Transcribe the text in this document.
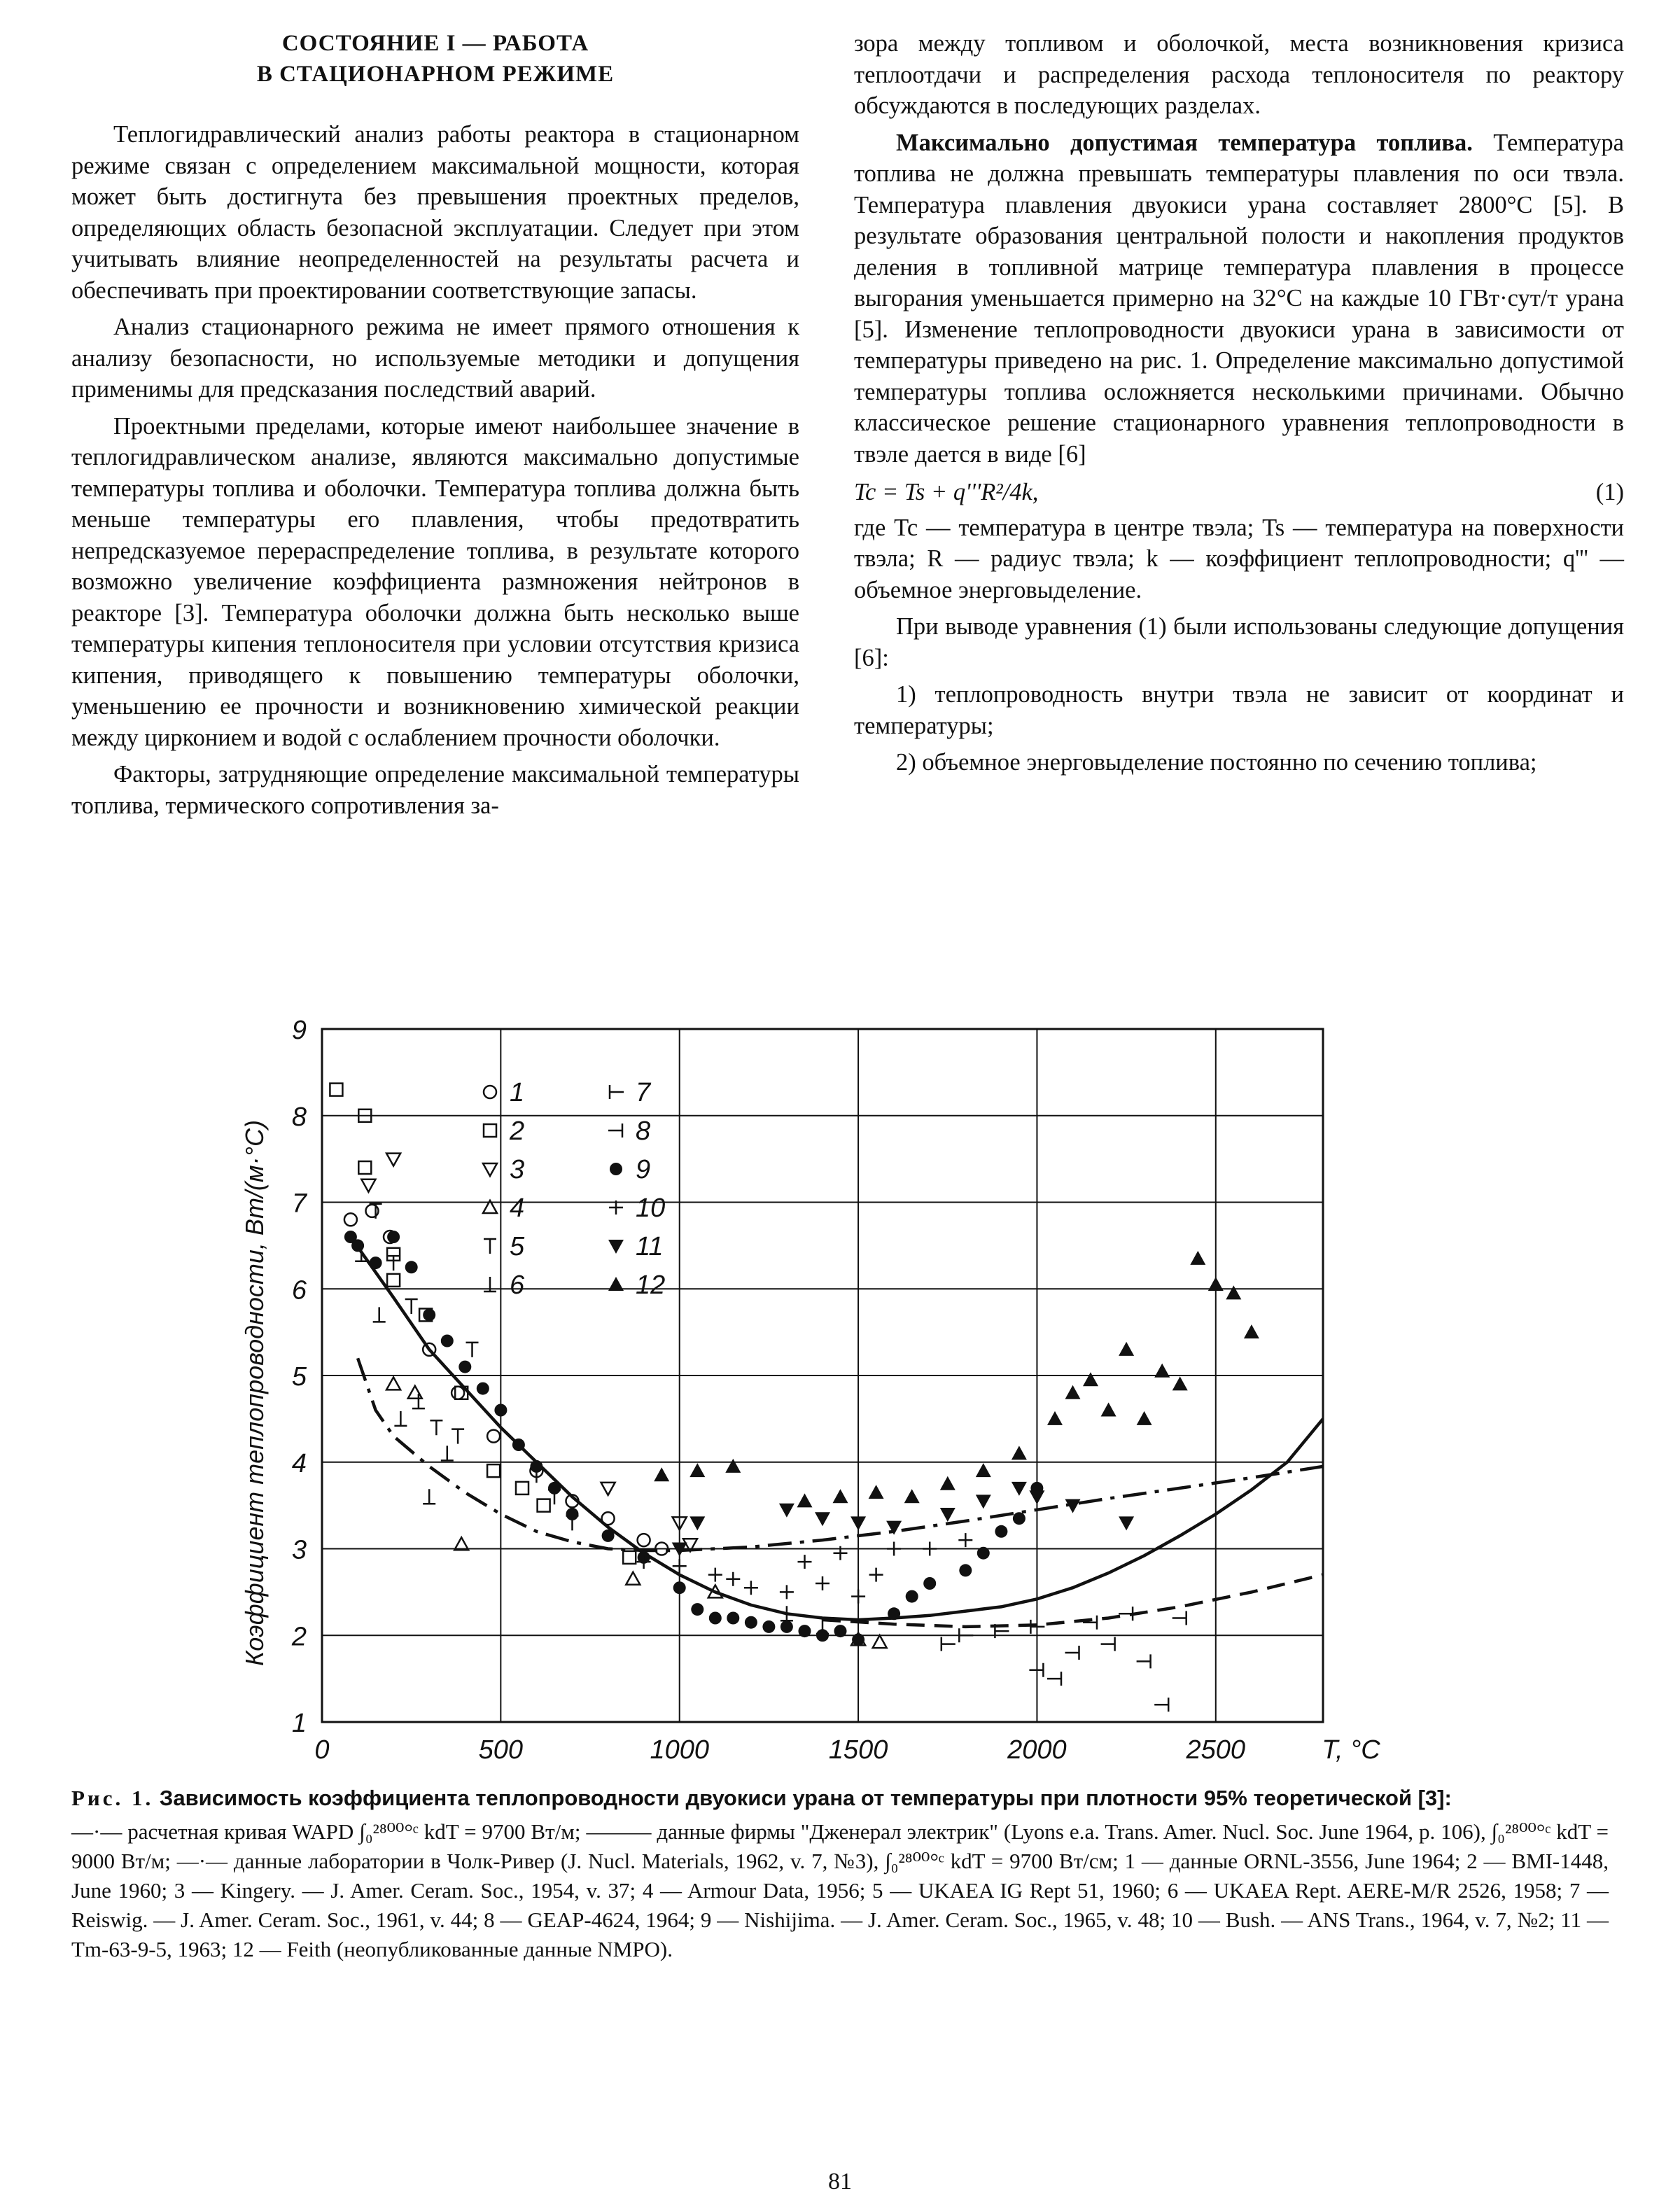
СОСТОЯНИЕ I — РАБОТА
В СТАЦИОНАРНОМ РЕЖИМЕ

Теплогидравлический анализ работы реактора в стационарном режиме связан с определением максимальной мощности, которая может быть достигнута без превышения проектных пределов, определяющих область безопасной эксплуатации. Следует при этом учитывать влияние неопределенностей на результаты расчета и обеспечивать при проектировании соответствующие запасы.

Анализ стационарного режима не имеет прямого отношения к анализу безопасности, но используемые методики и допущения применимы для предсказания последствий аварий.

Проектными пределами, которые имеют наибольшее значение в теплогидравлическом анализе, являются максимально допустимые температуры топлива и оболочки. Температура топлива должна быть меньше температуры его плавления, чтобы предотвратить непредсказуемое перераспределение топлива, в результате которого возможно увеличение коэффициента размножения нейтронов в реакторе [3]. Температура оболочки должна быть несколько выше температуры кипения теплоносителя при условии отсутствия кризиса кипения, приводящего к повышению температуры оболочки, уменьшению ее прочности и возникновению химической реакции между цирконием и водой с ослаблением прочности оболочки.

Факторы, затрудняющие определение максимальной температуры топлива, термического сопротивления за-

зора между топливом и оболочкой, места возникновения кризиса теплоотдачи и распределения расхода теплоносителя по реактору обсуждаются в последующих разделах.

Максимально допустимая температура топлива. Температура топлива не должна превышать температуры плавления по оси твэла. Температура плавления двуокиси урана составляет 2800°С [5]. В результате образования центральной полости и накопления продуктов деления в топливной матрице температура плавления в процессе выгорания уменьшается примерно на 32°С на каждые 10 ГВт·сут/т урана [5]. Изменение теплопроводности двуокиси урана в зависимости от температуры приведено на рис. 1. Определение максимально допустимой температуры топлива осложняется несколькими причинами. Обычно классическое решение стационарного уравнения теплопроводности в твэле дается в виде [6]

Tc = Ts + q'''R²/4k,	(1)

где Tc — температура в центре твэла; Ts — температура на поверхности твэла; R — радиус твэла; k — коэффициент теплопроводности; q''' — объемное энерговыделение.

При выводе уравнения (1) были использованы следующие допущения [6]:

1) теплопроводность внутри твэла не зависит от координат и температуры;

2) объемное энерговыделение постоянно по сечению топлива;

0	500	1000	1500	2000	2500	T, °С
1
2
3
4
5
6
7
8
9
1
2
3
4
5
6
7
8
9
10
11
12
Коэффициент теплопроводности, Вт/(м·°С)
Рис. 1. Зависимость коэффициента теплопроводности двуокиси урана от температуры при плотности 95% теоретической [3]:
—·— расчетная кривая WAPD ∫₀²⁸⁰⁰°ᶜ kdT = 9700 Вт/м; ——— данные фирмы "Дженерал электрик" (Lyons e.a. Trans. Amer. Nucl. Soc. June 1964, p. 106), ∫₀²⁸⁰⁰°ᶜ kdT = 9000 Вт/м; —·— данные лаборатории в Чолк-Ривер (J. Nucl. Materials, 1962, v. 7, №3), ∫₀²⁸⁰⁰°ᶜ kdT = 9700 Вт/см; 1 — данные ORNL-3556, June 1964; 2 — BMI-1448, June 1960; 3 — Kingery. — J. Amer. Ceram. Soc., 1954, v. 37; 4 — Armour Data, 1956; 5 — UKAEA IG Rept 51, 1960; 6 — UKAEA Rept. AERE-M/R 2526, 1958; 7 — Reiswig. — J. Amer. Ceram. Soc., 1961, v. 44; 8 — GEAP-4624, 1964; 9 — Nishijima. — J. Amer. Ceram. Soc., 1965, v. 48; 10 — Bush. — ANS Trans., 1964, v. 7, №2; 11 — Tm-63-9-5, 1963; 12 — Feith (неопубликованные данные NMPO).
81
